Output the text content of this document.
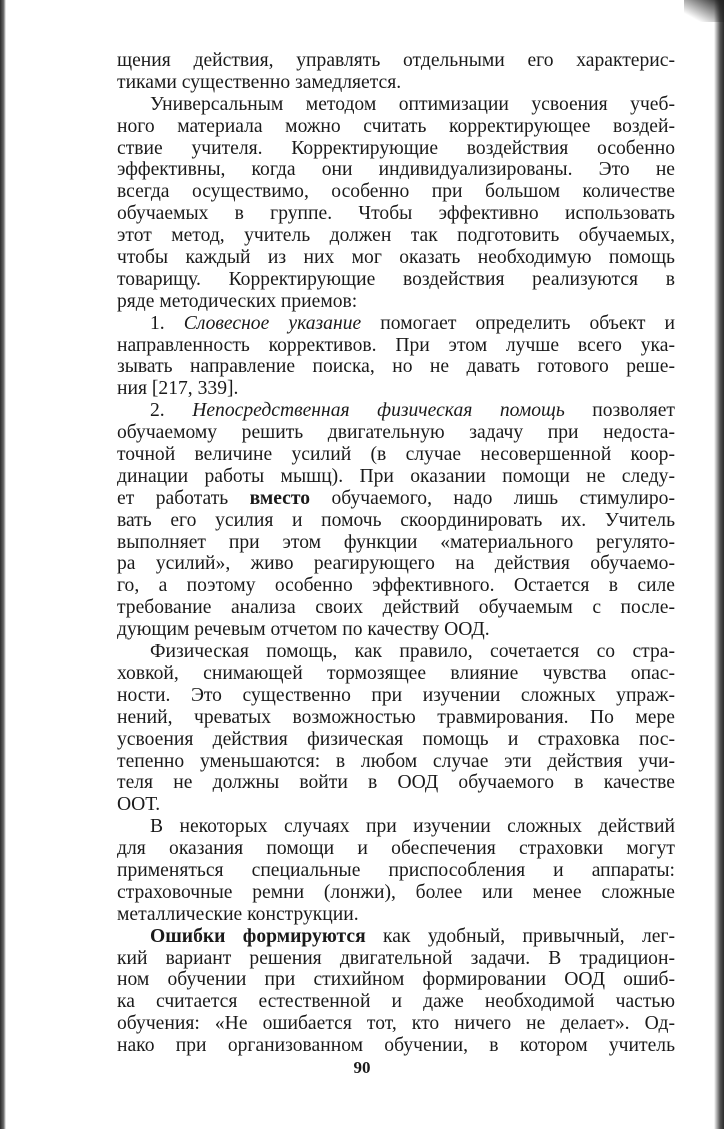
щения действия, управлять отдельными его характерис-
тиками существенно замедляется.
Универсальным методом оптимизации усвоения учеб-
ного материала можно считать корректирующее воздей-
ствие учителя. Корректирующие воздействия особенно
эффективны, когда они индивидуализированы. Это не
всегда осуществимо, особенно при большом количестве
обучаемых в группе. Чтобы эффективно использовать
этот метод, учитель должен так подготовить обучаемых,
чтобы каждый из них мог оказать необходимую помощь
товарищу. Корректирующие воздействия реализуются в
ряде методических приемов:
1. Словесное указание помогает определить объект и
направленность коррективов. При этом лучше всего ука-
зывать направление поиска, но не давать готового реше-
ния [217, 339].
2. Непосредственная физическая помощь позволяет
обучаемому решить двигательную задачу при недоста-
точной величине усилий (в случае несовершенной коор-
динации работы мышц). При оказании помощи не следу-
ет работать вместо обучаемого, надо лишь стимулиро-
вать его усилия и помочь скоординировать их. Учитель
выполняет при этом функции «материального регулято-
ра усилий», живо реагирующего на действия обучаемо-
го, а поэтому особенно эффективного. Остается в силе
требование анализа своих действий обучаемым с после-
дующим речевым отчетом по качеству ООД.
Физическая помощь, как правило, сочетается со стра-
ховкой, снимающей тормозящее влияние чувства опас-
ности. Это существенно при изучении сложных упраж-
нений, чреватых возможностью травмирования. По мере
усвоения действия физическая помощь и страховка пос-
тепенно уменьшаются: в любом случае эти действия учи-
теля не должны войти в ООД обучаемого в качестве
ООТ.
В некоторых случаях при изучении сложных действий
для оказания помощи и обеспечения страховки могут
применяться специальные приспособления и аппараты:
страховочные ремни (лонжи), более или менее сложные
металлические конструкции.
Ошибки формируются как удобный, привычный, лег-
кий вариант решения двигательной задачи. В традицион-
ном обучении при стихийном формировании ООД ошиб-
ка считается естественной и даже необходимой частью
обучения: «Не ошибается тот, кто ничего не делает». Од-
нако при организованном обучении, в котором учитель
90
